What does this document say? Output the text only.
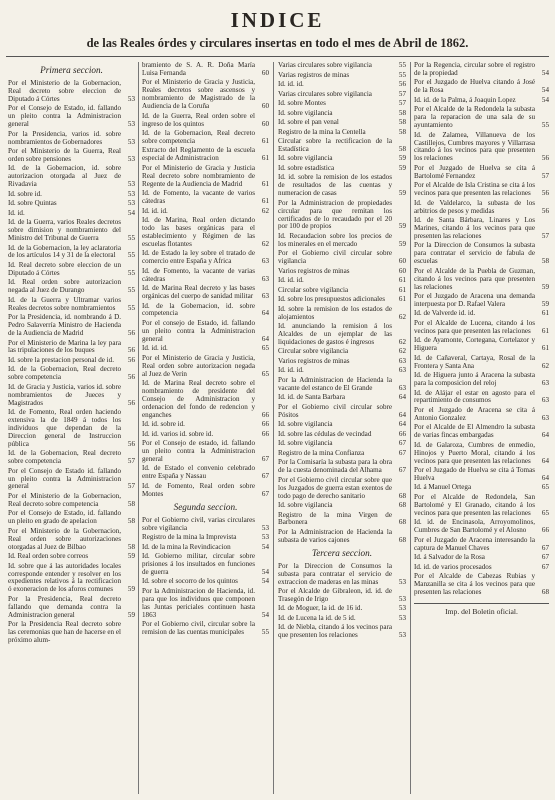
INDICE
de las Reales órdes y circulares insertas en todo el mes de Abril de 1862.
Primera seccion.
Por el Ministerio de la Gobernacion, Real decreto sobre eleccion de Diputado á Córtes	53
Por el Consejo de Estado, id. fallando un pleito contra la Administracion general	53
Por la Presidencia, varios id. sobre nombramientos de Gobernadores	53
Por el Ministerio de la Guerra, Real orden sobre pensiones	53
Id. de la Gobernacion, id. sobre autorizacion otorgada al Juez de Rivadavia	53
Id. sobre id.	53
Id. sobre Quintas	53
Id. id.	54
Id. de la Guerra, varios Reales decretos sobre dimision y nombramiento del Ministro del Tribunal de Guerra	55
Id. de la Gobernacion, la ley aclaratoria de los artículos 14 y 31 de la electoral	55
Id. Real decreto sobre eleccion de un Diputado á Córtes	55
Id. Real orden sobre autorizacion negada al Juez de Durango	55
Id. de la Guerra y Ultramar varios Reales decretos sobre nombramientos	55
Por la Presidencia, id. nombrando á D. Pedro Salaverría Ministro de Hacienda de la Audiencia de Madrid	56
Por el Ministerio de Marina la ley para las tripulaciones de los buques	56
Id. sobre la prestacion personal de id.	56
Id. de la Gobernacion, Real decreto sobre competencia	56
Id. de Gracia y Justicia, varios id. sobre nombramientos de Jueces y Magistrados	56
Id. de Fomento, Real orden haciendo extensiva la de 1849 á todos los individuos que dependan de la Direccion general de Instruccion pública	56
Id. de la Gobernacion, Real decreto sobre competencia	57
Por el Consejo de Estado id. fallando un pleito contra la Administracion general	57
Por el Ministerio de la Gobernacion, Real decreto sobre competencia	58
Por el Consejo de Estado, id. fallando un pleito en grado de apelacion	58
Por el Ministerio de la Gobernacion, Real orden sobre autorizaciones otorgadas al Juez de Bilbao	58
Id. Real orden sobre correos	59
Id. sobre que á las autoridades locales corresponde entender y resolver en los expedientes relativos á la rectificacion ó exoneracion de los aforos comunes	59
Por la Presidencia, Real decreto fallando que demanda contra la Administracion general	59
Por la Presidencia Real decreto sobre las ceremonias que han de hacerse en el próximo alum-
bramiento de S. A. R. Doña María Luisa Fernanda	60
Por el Ministerio de Gracia y Justicia, Reales decretos sobre ascensos y nombramiento de Magistrado de la Audiencia de la Coruña	60
Id. de la Guerra, Real orden sobre el ingreso de los quintos	60
Id. de la Gobernacion, Real decreto sobre competencia	61
Extracto del Reglamento de la escuela especial de Administracion	61
Por el Ministerio de Gracia y Justicia Real decreto sobre nombramiento de Regente de la Audiencia de Madrid	61
Id. de Fomento, la vacante de varios cátedras	61
Id. id. id.	62
Id. de Marina, Real orden dictando todo las bases orgánicas para el establecimiento y Régimen de las escuelas flotantes	62
Id. de Estado la ley sobre el tratado de comercio entre España y Africa	63
Id. de Fomento, la vacante de varias cátedras	63
Id. de Marina Real decreto y las bases orgánicas del cuerpo de sanidad militar	63
Id. de la Gobernacion, id. sobre competencia	64
Por el consejo de Estado, id. fallando un pleito contra la Administracion general	64
Id. id. id.	65
Por el Ministerio de Gracia y Justicia, Real orden sobre autorizacion negada al Juez de Verin	65
Id. de Marina Real decreto sobre el nombramiento de presidente del Consejo de Administracion y ordenacion del fondo de redencion y enganches	66
Id. id. sobre id.	66
Id. id. varios id. sobre id.	66
Por el Consejo de estado, id. fallando un pleito contra la Administracion general	67
Id. de Estado el convenio celebrado entre España y Nassau	67
Id. de Fomento, Real orden sobre Montes	67
Segunda seccion.
Por el Gobierno civil, varias circulares sobre vigilancia	53
Registro de la mina la Imprevista	53
Id. de la mina la Revindicacion	54
Id. Gobierno militar, circular sobre prisiones á los insultados en funciones de guerra	54
Id. sobre el socorro de los quintos	54
Por la Administracion de Hacienda, id. para que los individuos que componen las Juntas periciales continuen hasta 1863	54
Por el Gobierno civil, circular sobre la remision de las cuentas municipales	55
Varias circulares sobre vigilancia	55
Varias registros de minas	55
Id. id. id.	56
Varias circulares sobre vigilancia	57
Id. sobre Montes	57
Id. sobre vigilancia	58
Id. sobre el pan venal	58
Registro de la mina la Centella	58
Circular sobre la rectificacion de la Estadística	58
Id. sobre vigilancia	59
Id. sobre estadística	59
Id. id. sobre la remision de los estados de resultados de las cuentas y numeracion de casas	59
Por la Administracion de propiedades circular para que remitan los certificados de lo recaudado por el 20 por 100 de propios	59
Id. Recaudacion sobre los precios de los minerales en el mercado	59
Por el Gobierno civil circular sobre vigilancia	60
Varios registros de minas	60
Id. id. id.	61
Circular sobre vigilancia	61
Id. sobre los presupuestos adicionales	61
Id. sobre la remision de los estados de alojamientos	62
Id. anunciando la remision á los Alcaldes de un ejemplar de las liquidaciones de gastos é ingresos	62
Circular sobre vigilancia	62
Varios registros de minas	63
Id. id. id.	63
Por la Administracion de Hacienda la vacante del estanco de El Grande	63
Id. id. de Santa Barbara	64
Por el Gobierno civil circular sobre Pósitos	64
Id. sobre vigilancia	64
Id. sobre las cédulas de vecindad	66
Id. sobre vigilancia	67
Registro de la mina Confianza	67
Por la Comisaría la subasta para la obra de la cuesta denominada del Alhama	67
Por el Gobierno civil circular sobre que los Juzgados de guerra estan exentos de todo pago de derecho sanitario	68
Id. sobre vigilancia	68
Registro de la mina Virgen de Barbonera	68
Por la Administracion de Hacienda la subasta de varios cajones	68
Tercera seccion.
Por la Direccion de Consumos la subasta para contratar el servicio de extraccion de maderas en las minas	53
Por el Alcalde de Gibraleon, id. id. de Trasegón de Irigo	53
Id. de Moguer, la id. de 16 id.	53
Id. de Lucena la id. de 5 id.	53
Id. de Niebla, citando á los vecinos para que presenten los relaciones	53
Por la Regencia, circular sobre el registro de la propiedad	54
Por el Juzgado de Huelva citando á José de la Rosa	54
Id. id. de la Palma, á Joaquin Lopez	54
Por el Alcalde de la Redondela la subasta para la reparacion de una sala de su ayuntamiento	55
Id. de Zalamea, Villanueva de los Castillejos, Cumbres mayores y Villarrasa citando á los vecinos para que presenten los relaciones	56
Por el Juzgado de Huelva se cita á Bartolomé Fernandez	57
Por el Alcalde de Isla Cristina se cita á los vecinos para que presenten las relaciones	56
Id. de Valdelarco, la subasta de los arbitrios de pesos y medidas	56
Id. de Santa Bárbara, Linares y Los Marines, citando á los vecinos para que presenten las relaciones	57
Por la Direccion de Consumos la subasta para contratar el servicio de fabula de escuelas	58
Por el Alcalde de la Puebla de Guzman, citando á los vecinos para que presenten las relaciones	59
Por el Juzgado de Aracena una demanda interpuesta por D. Rafael Valera	59
Id. de Valverde id. id.	61
Por el Alcalde de Lucena, citando á los vecinos para que presenten las relaciones	61
Id. de Ayamonte, Cortegana, Cortelazor y Higuera	61
Id. de Cañaveral, Cartaya, Rosal de la Frontera y Santa Ana	62
Id. de Higuera junto á Aracena la subasta para la composicion del reloj	63
Id. de Alájar el estar en agosto para el repartimiento de consumos	63
Por el Juzgado de Aracena se cita á Antonio Gonzalez	63
Por el Alcalde de El Almendro la subasta de varias fincas embargadas	64
Id. de Galaroza, Cumbres de enmedio, Hinojos y Puerto Moral, citando á los vecinos para que presenten las relaciones	64
Por el Juzgado de Huelva se cita á Tomas Huelva	64
Id. á Manuel Ortega	65
Por el Alcalde de Redondela, San Bartolomé y El Granado, citando á los vecinos para que presenten las relaciones	65
Id. id. de Encinasola, Arroyomolinos, Cumbres de San Bartolomé y el Alosno	66
Por el Juzgado de Aracena interesando la captura de Manuel Chaves	67
Id. á Salvador de la Rosa	67
Id. id. de varios procesados	67
Por el Alcalde de Cabezas Rubias y Manzanilla se cita á los vecinos para que presenten las relaciones	68
Imp. del Boletin oficial.
